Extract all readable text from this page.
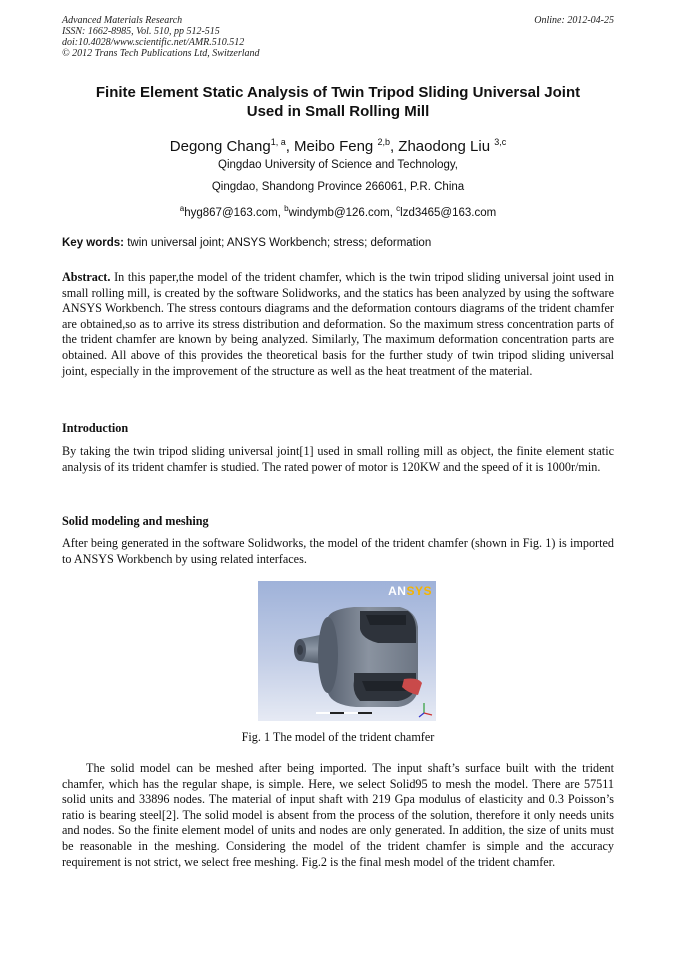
Advanced Materials Research
ISSN: 1662-8985, Vol. 510, pp 512-515
doi:10.4028/www.scientific.net/AMR.510.512
© 2012 Trans Tech Publications Ltd, Switzerland
Online: 2012-04-25
Finite Element Static Analysis of Twin Tripod Sliding Universal Joint
Used in Small Rolling Mill
Degong Chang$^{1, a}$, Meibo Feng $^{2,b}$, Zhaodong Liu $^{3,c}$
Qingdao University of Science and Technology,
Qingdao, Shandong Province 266061, P.R. China
$^a$hyg867@163.com, $^b$windymb@126.com, $^c$lzd3465@163.com
Key words: twin universal joint; ANSYS Workbench; stress; deformation
Abstract. In this paper,the model of the trident chamfer, which is the twin tripod sliding universal joint used in small rolling mill, is created by the software Solidworks, and the statics has been analyzed by using the software ANSYS Workbench. The stress contours diagrams and the deformation contours diagrams of the trident chamfer are obtained,so as to arrive its stress distribution and deformation. So the maximum stress concentration parts of the trident chamfer are known by being analyzed. Similarly, The maximum deformation concentration parts are obtained. All above of this provides the theoretical basis for the further study of twin tripod sliding universal joint, especially in the improvement of the structure as well as the heat treatment of the material.
Introduction
By taking the twin tripod sliding universal joint[1] used in small rolling mill as object, the finite element static analysis of its trident chamfer is studied. The rated power of motor is 120KW and the speed of it is 1000r/min.
Solid modeling and meshing
After being generated in the software Solidworks, the model of the trident chamfer (shown in Fig. 1) is imported to ANSYS Workbench by using related interfaces.
ANSYS
Fig. 1 The model of the trident chamfer
The solid model can be meshed after being imported. The input shaft’s surface built with the trident chamfer, which has the regular shape, is simple. Here, we select Solid95 to mesh the model. There are 57511 solid units and 33896 nodes. The material of input shaft with 219 Gpa modulus of elasticity and 0.3 Poisson’s ratio is bearing steel[2]. The solid model is absent from the process of the solution, therefore it only needs units and nodes. So the finite element model of units and nodes are only generated. In addition, the size of units must be reasonable in the meshing. Considering the model of the trident chamfer is simple and the accuracy requirement is not strict, we select free meshing. Fig.2 is the final mesh model of the trident chamfer.
